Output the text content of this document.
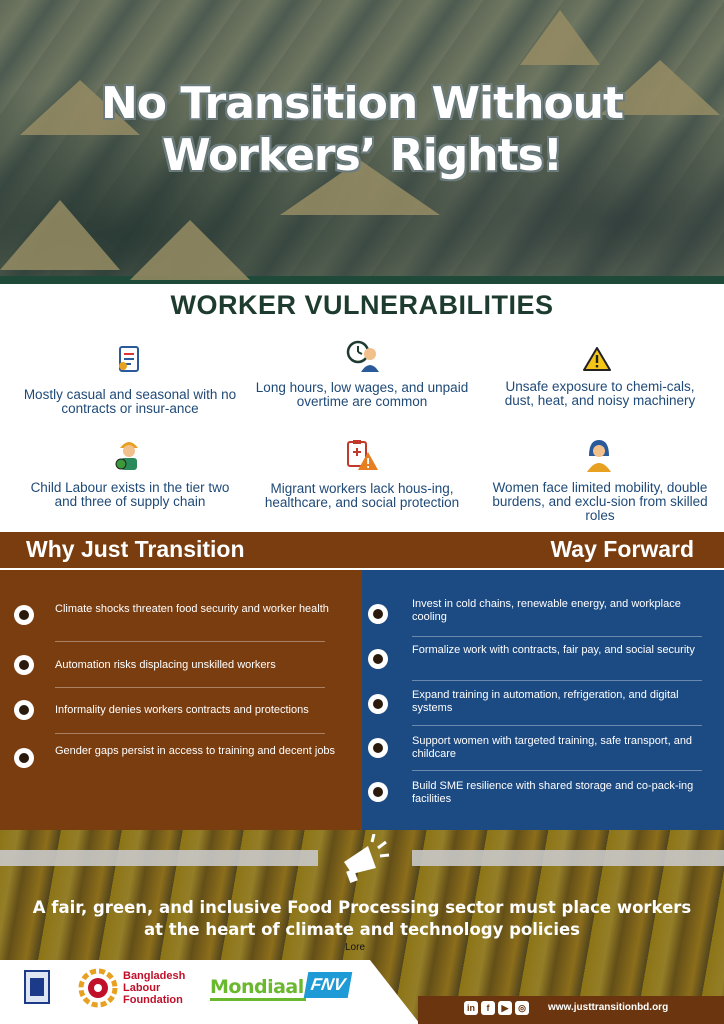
No Transition Without
Workers’ Rights!
WORKER VULNERABILITIES
Mostly casual and seasonal with no contracts or insur-ance
Long hours, low wages, and unpaid overtime are common
Unsafe exposure to chemi-cals, dust, heat, and noisy machinery
Child Labour exists in the tier two and three of supply chain
Migrant workers lack hous-ing, healthcare, and social protection
Women face limited mobility, double burdens, and exclu-sion from skilled roles
Why Just Transition	Way Forward
Climate shocks threaten food security and worker health
Automation risks displacing unskilled workers
Informality denies workers contracts and protections
Gender gaps persist in access to training and decent jobs
Invest in cold chains, renewable energy, and workplace cooling
Formalize work with contracts, fair pay, and social security
Expand training in automation, refrigeration, and digital systems
Support women with targeted training, safe transport, and childcare
Build SME resilience with shared storage and co-pack-ing facilities
A fair, green, and inclusive Food Processing sector must place workers
at the heart of climate and technology policies
Lore
Bangladesh
Labour
Foundation
Mondiaal FNV
in	f	▶	◎	www.justtransitionbd.org
